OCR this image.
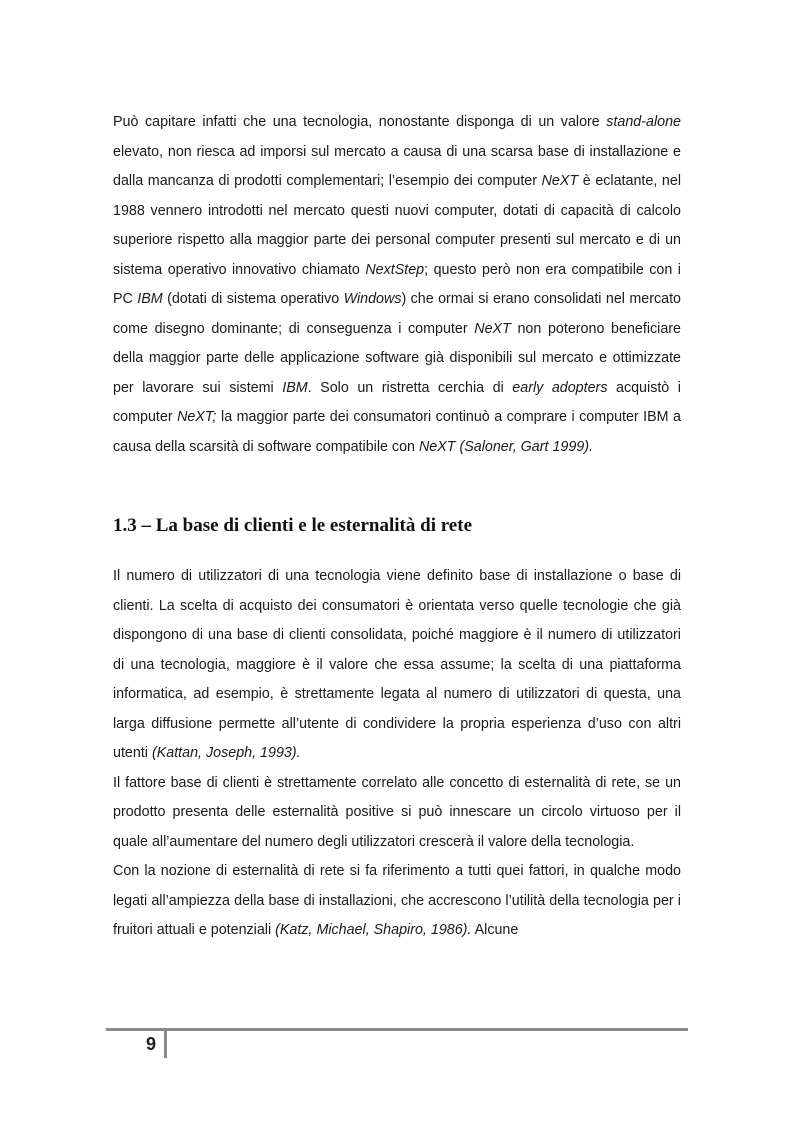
Può capitare infatti che una tecnologia, nonostante disponga di un valore stand-alone elevato, non riesca ad imporsi sul mercato a causa di una scarsa base di installazione e dalla mancanza di prodotti complementari; l’esempio dei computer NeXT è eclatante, nel 1988 vennero introdotti nel mercato questi nuovi computer, dotati di capacità di calcolo superiore rispetto alla maggior parte dei personal computer presenti sul mercato e di un sistema operativo innovativo chiamato NextStep; questo però non era compatibile con i PC IBM (dotati di sistema operativo Windows) che ormai si erano consolidati nel mercato come disegno dominante; di conseguenza i computer NeXT non poterono beneficiare della maggior parte delle applicazione software già disponibili sul mercato e ottimizzate per lavorare sui sistemi IBM. Solo un ristretta cerchia di early adopters acquistò i computer NeXT; la maggior parte dei consumatori continuò a comprare i computer IBM a causa della scarsità di software compatibile con NeXT (Saloner, Gart 1999).

1.3 – La base di clienti e le esternalità di rete

Il numero di utilizzatori di una tecnologia viene definito base di installazione o base di clienti. La scelta di acquisto dei consumatori è orientata verso quelle tecnologie che già dispongono di una base di clienti consolidata, poiché maggiore è il numero di utilizzatori di una tecnologia, maggiore è il valore che essa assume; la scelta di una piattaforma informatica, ad esempio, è strettamente legata al numero di utilizzatori di questa, una larga diffusione permette all’utente di condividere la propria esperienza d’uso con altri utenti (Kattan, Joseph, 1993).

Il fattore base di clienti è strettamente correlato alle concetto di esternalità di rete, se un prodotto presenta delle esternalità positive si può innescare un circolo virtuoso per il quale all’aumentare del numero degli utilizzatori crescerà il valore della tecnologia.

Con la nozione di esternalità di rete si fa riferimento a tutti quei fattori, in qualche modo legati all’ampiezza della base di installazioni, che accrescono l’utilità della tecnologia per i fruitori attuali e potenziali (Katz, Michael, Shapiro, 1986). Alcune

9
